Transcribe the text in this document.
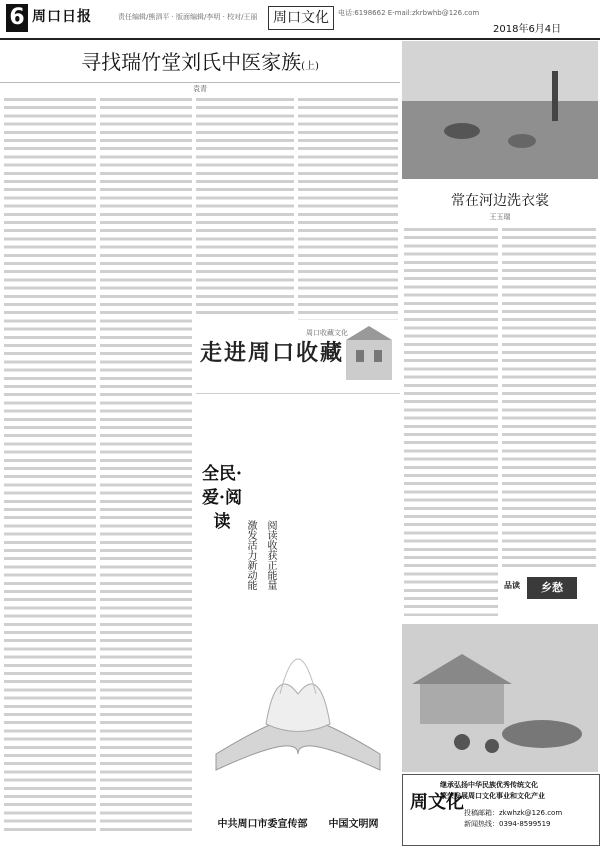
6 周口日报	责任编辑/熊泗平 · 版面编辑/李明 · 校对/王丽	周口文化	电话:6198662 E-mail:zkrbwhb@126.com
2018年6月4日
寻找瑞竹堂刘氏中医家族(上)
袁青
走进周口收藏
周口收藏文化
全民·爱·阅读	阅读收获正能量
激发活力新动能
中共周口市委宣传部 中国文明网
常在河边洗衣裳
王玉瑞
品读	乡愁
周文化
继承弘扬中华民族优秀传统文化
繁荣发展周口文化事业和文化产业
投稿邮箱：zkwhzk@126.com
新闻热线：0394-8599519
